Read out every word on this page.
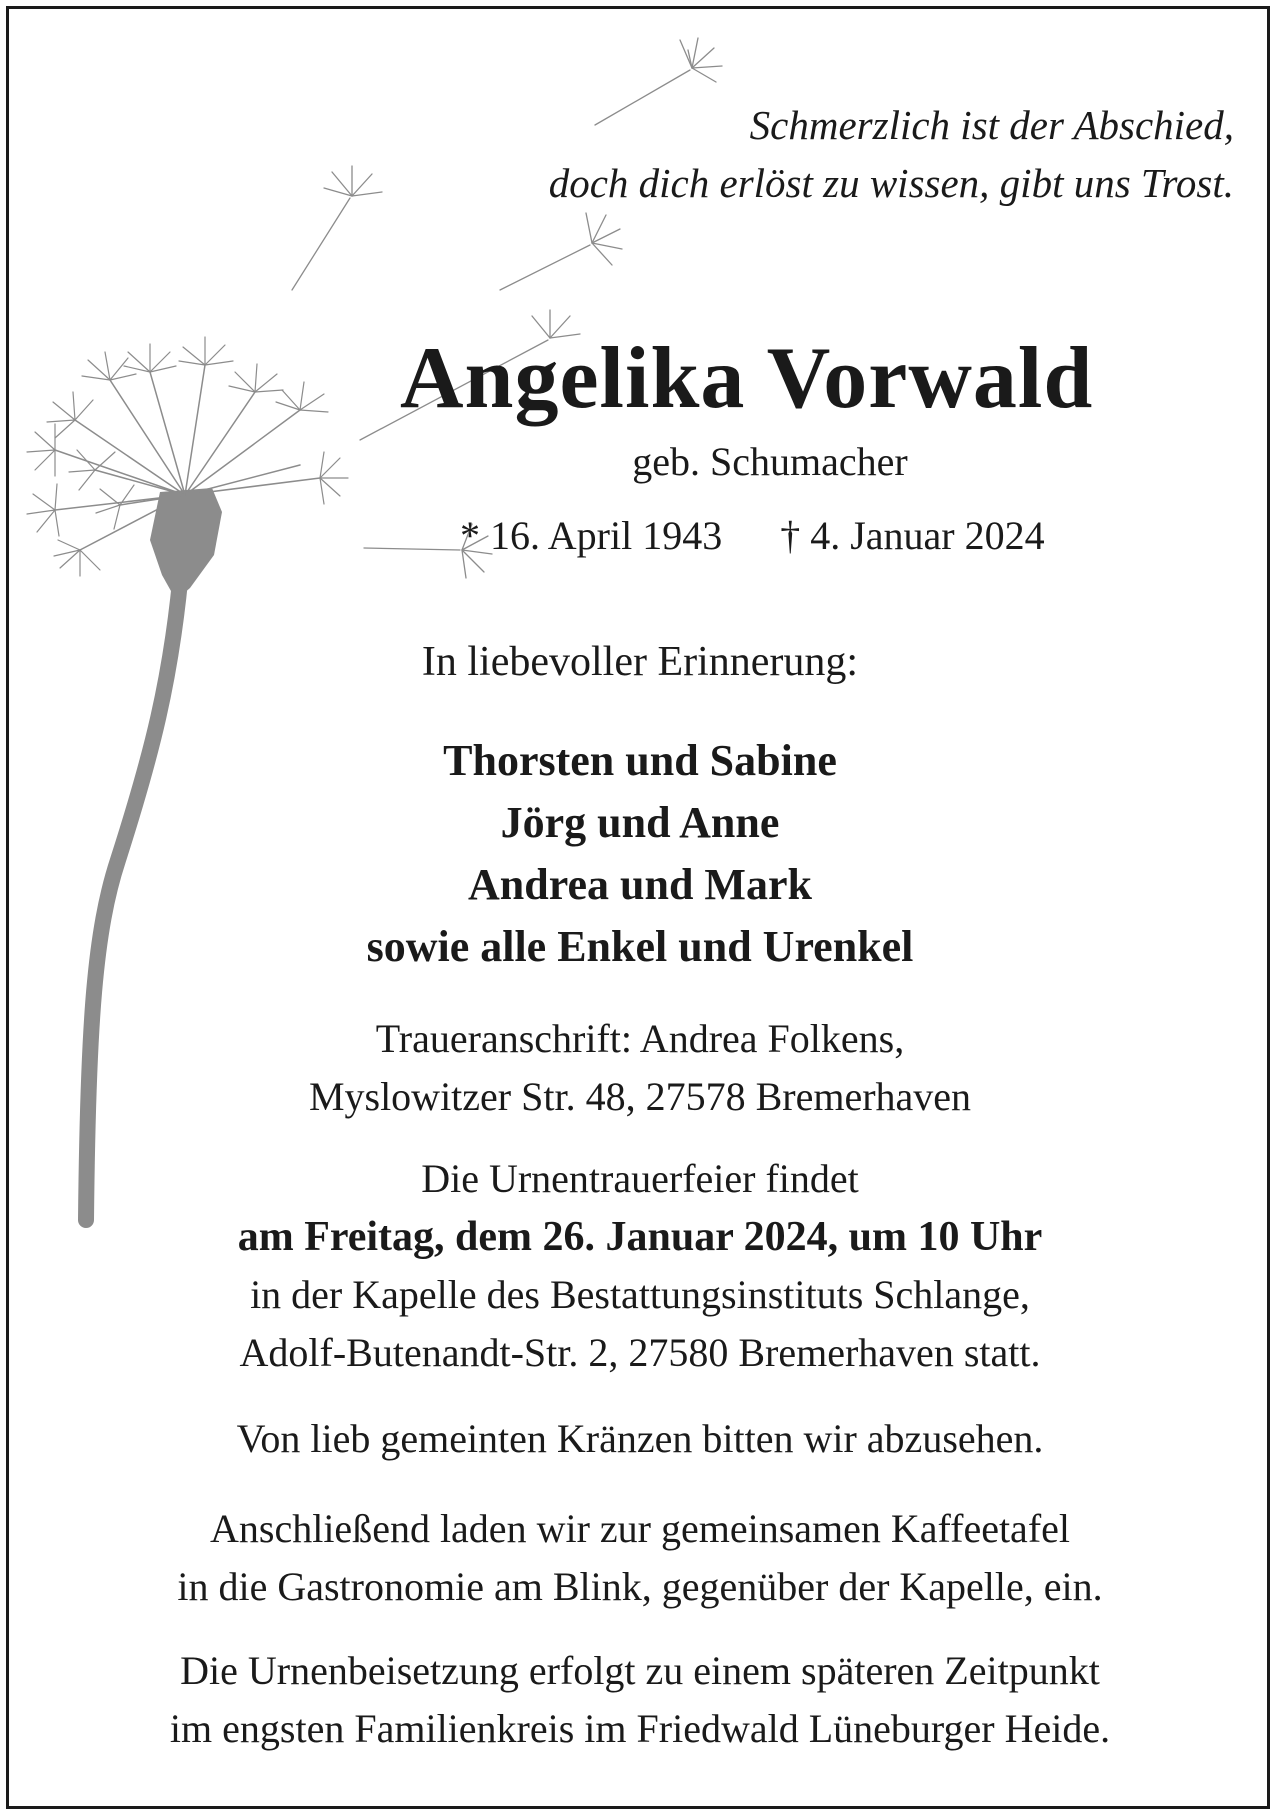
Schmerzlich ist der Abschied,
doch dich erlöst zu wissen, gibt uns Trost.
Angelika Vorwald

geb. Schumacher

* 16. April 1943 † 4. Januar 2024

In liebevoller Erinnerung:

Thorsten und Sabine
Jörg und Anne
Andrea und Mark
sowie alle Enkel und Urenkel
Traueranschrift: Andrea Folkens,
Myslowitzer Str. 48, 27578 Bremerhaven
Die Urnentrauerfeier findet
am Freitag, dem 26. Januar 2024, um 10 Uhr
in der Kapelle des Bestattungsinstituts Schlange,
Adolf-Butenandt-Str. 2, 27580 Bremerhaven statt.
Von lieb gemeinten Kränzen bitten wir abzusehen.
Anschließend laden wir zur gemeinsamen Kaffeetafel
in die Gastronomie am Blink, gegenüber der Kapelle, ein.
Die Urnenbeisetzung erfolgt zu einem späteren Zeitpunkt
im engsten Familienkreis im Friedwald Lüneburger Heide.
